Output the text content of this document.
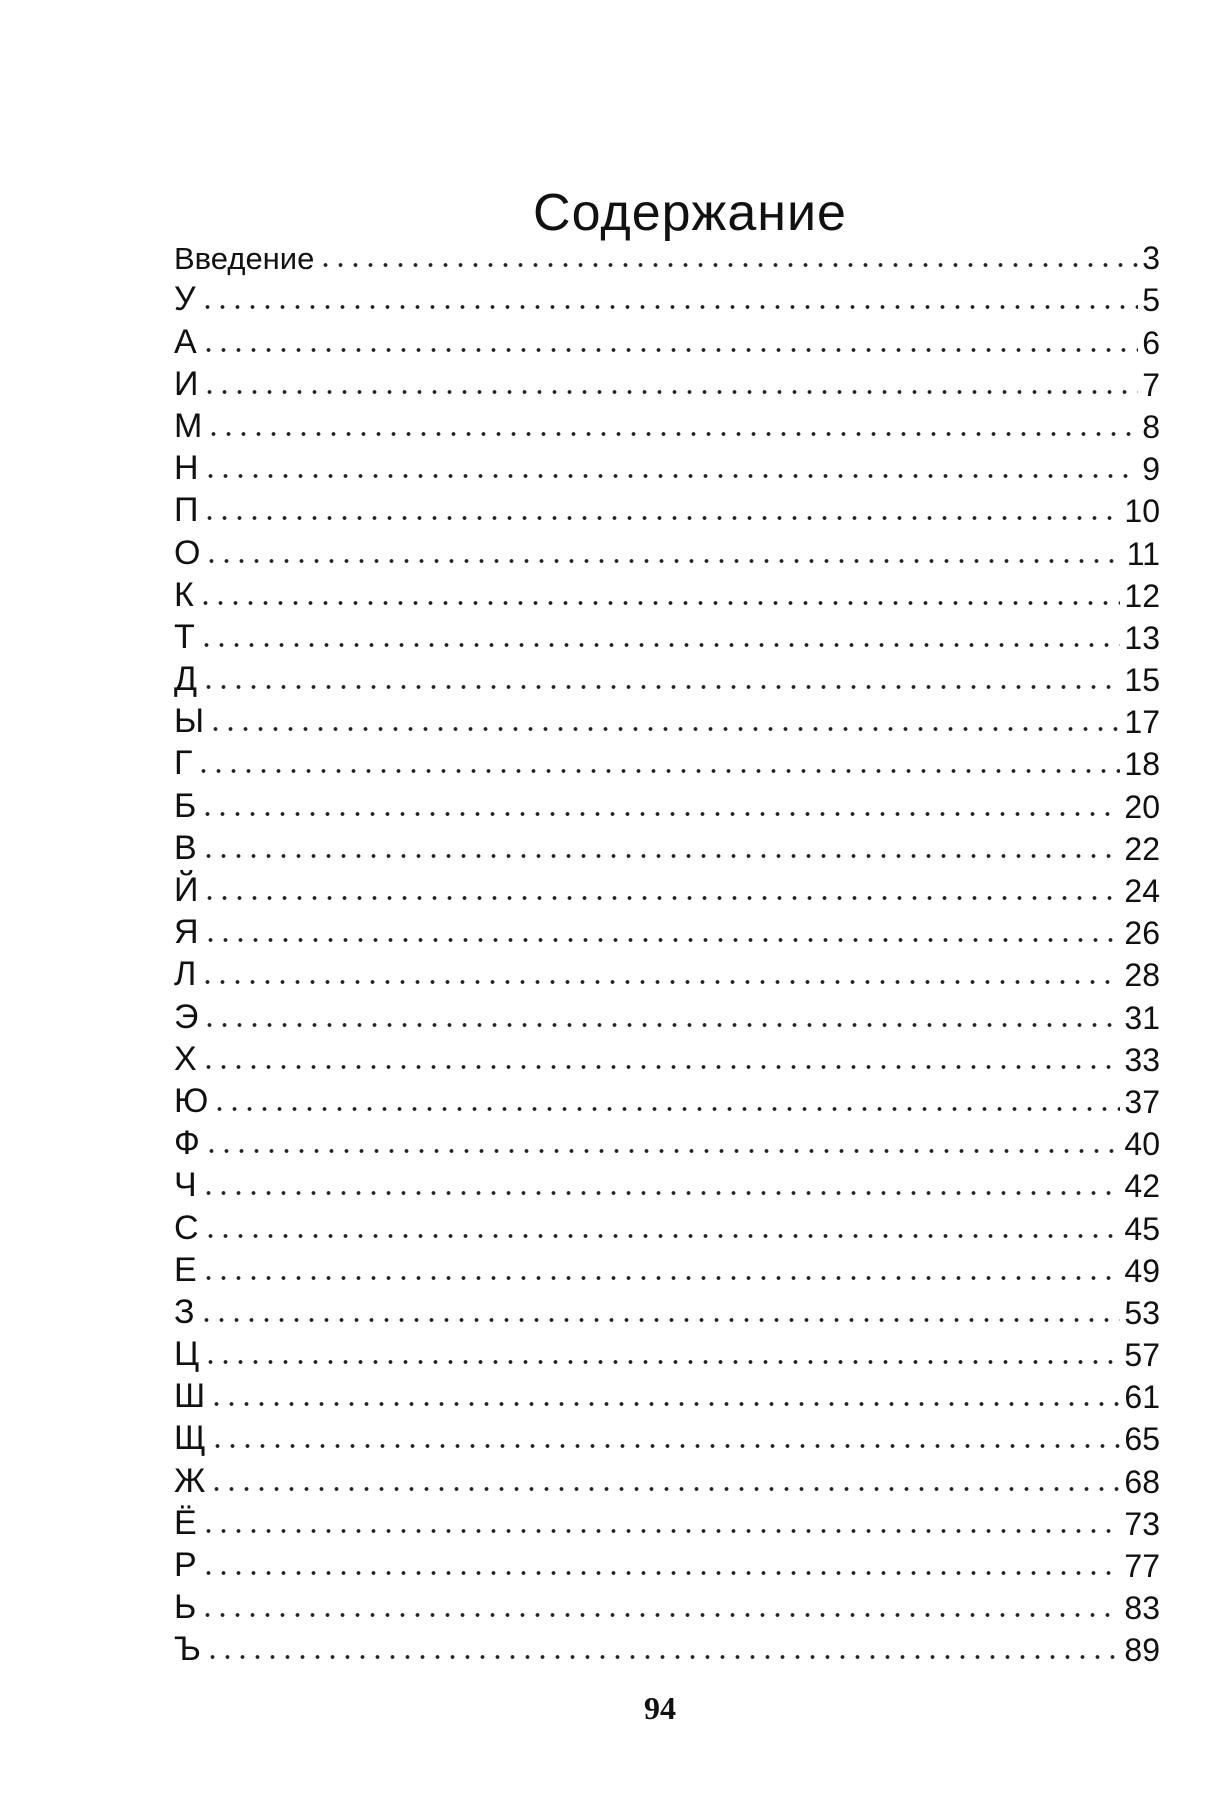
Содержание
Введение	3
У	5
А	6
И	7
М	8
Н	9
П	10
О	11
К	12
Т	13
Д	15
Ы	17
Г	18
Б	20
В	22
Й	24
Я	26
Л	28
Э	31
Х	33
Ю	37
Ф	40
Ч	42
С	45
Е	49
З	53
Ц	57
Ш	61
Щ	65
Ж	68
Ё	73
Р	77
Ь	83
Ъ	89
94
